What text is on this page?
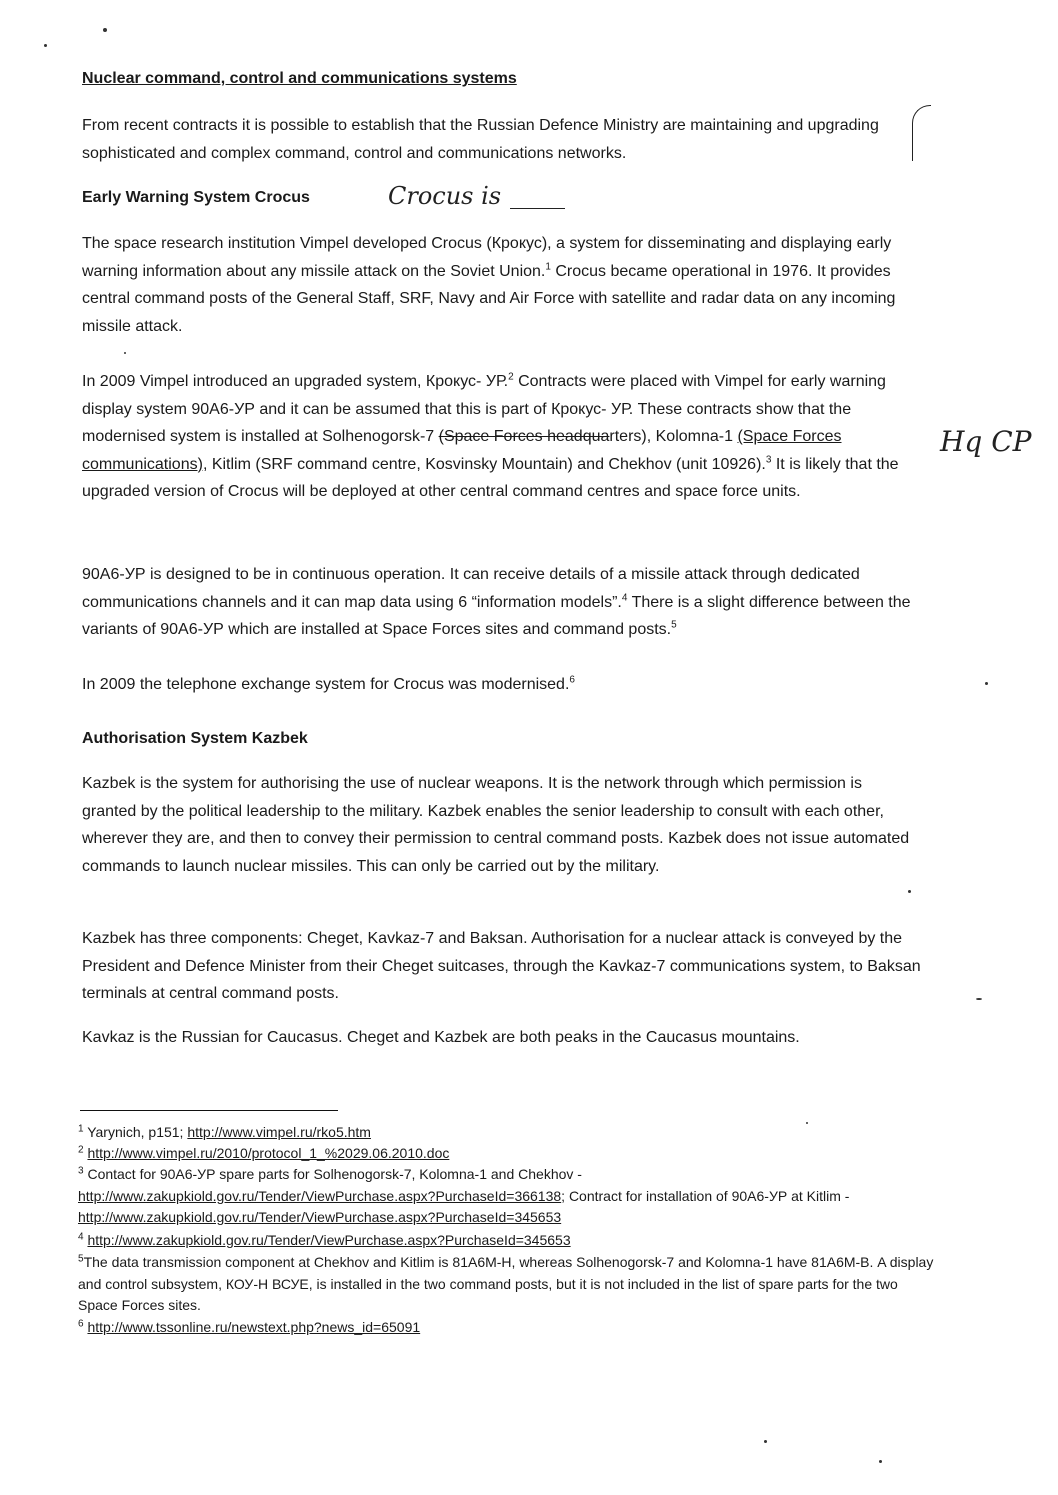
Nuclear command, control and communications systems

From recent contracts it is possible to establish that the Russian Defence Ministry are maintaining and upgrading sophisticated and complex command, control and communications networks.

Early Warning System Crocus	Crocus is

The space research institution Vimpel developed Crocus (Крокус), a system for disseminating and displaying early warning information about any missile attack on the Soviet Union.$^1$ Crocus became operational in 1976. It provides central command posts of the General Staff, SRF, Navy and Air Force with satellite and radar data on any incoming missile attack.

In 2009 Vimpel introduced an upgraded system, Крокус- УР.$^2$ Contracts were placed with Vimpel for early warning display system 90А6-УР and it can be assumed that this is part of Крокус- УР. These contracts show that the modernised system is installed at Solhenogorsk-7 (Space Forces headquarters), Kolomna-1 (Space Forces communications), Kitlim (SRF command centre, Kosvinsky Mountain) and Chekhov (unit 10926).$^3$ It is likely that the upgraded version of Crocus will be deployed at other central command centres and space force units.

Hq CP

90А6-УР is designed to be in continuous operation. It can receive details of a missile attack through dedicated communications channels and it can map data using 6 “information models”.$^4$ There is a slight difference between the variants of 90А6-УР which are installed at Space Forces sites and command posts.$^5$

In 2009 the telephone exchange system for Crocus was modernised.$^6$

Authorisation System Kazbek

Kazbek is the system for authorising the use of nuclear weapons. It is the network through which permission is granted by the political leadership to the military. Kazbek enables the senior leadership to consult with each other, wherever they are, and then to convey their permission to central command posts. Kazbek does not issue automated commands to launch nuclear missiles. This can only be carried out by the military.

Kazbek has three components: Cheget, Kavkaz-7 and Baksan. Authorisation for a nuclear attack is conveyed by the President and Defence Minister from their Cheget suitcases, through the Kavkaz-7 communications system, to Baksan terminals at central command posts.

Kavkaz is the Russian for Caucasus. Cheget and Kazbek are both peaks in the Caucasus mountains.

$^1$ Yarynich, p151; http://www.vimpel.ru/rko5.htm

$^2$ http://www.vimpel.ru/2010/protocol_1_%2029.06.2010.doc

$^3$ Contact for 90А6-УР spare parts for Solhenogorsk-7, Kolomna-1 and Chekhov -
http://www.zakupkiold.gov.ru/Tender/ViewPurchase.aspx?PurchaseId=366138; Contract for installation of 90А6-УР at Kitlim - http://www.zakupkiold.gov.ru/Tender/ViewPurchase.aspx?PurchaseId=345653

$^4$ http://www.zakupkiold.gov.ru/Tender/ViewPurchase.aspx?PurchaseId=345653

$^5$The data transmission component at Chekhov and Kitlim is 81А6М-Н, whereas Solhenogorsk-7 and Kolomna-1 have 81А6М-В. A display and control subsystem, КОУ-Н ВСУЕ, is installed in the two command posts, but it is not included in the list of spare parts for the two Space Forces sites.

$^6$ http://www.tssonline.ru/newstext.php?news_id=65091
